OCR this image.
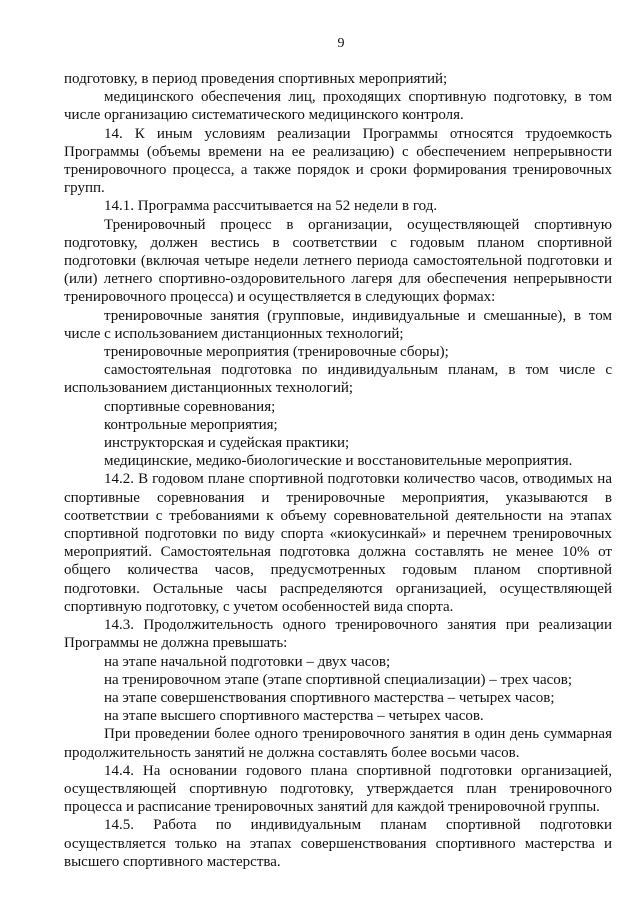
9

подготовку, в период проведения спортивных мероприятий;

медицинского обеспечения лиц, проходящих спортивную подготовку, в том числе организацию систематического медицинского контроля.

14. К иным условиям реализации Программы относятся трудоемкость Программы (объемы времени на ее реализацию) с обеспечением непрерывности тренировочного процесса, а также порядок и сроки формирования тренировочных групп.

14.1. Программа рассчитывается на 52 недели в год.

Тренировочный процесс в организации, осуществляющей спортивную подготовку, должен вестись в соответствии с годовым планом спортивной подготовки (включая четыре недели летнего периода самостоятельной подготовки и (или) летнего спортивно-оздоровительного лагеря для обеспечения непрерывности тренировочного процесса) и осуществляется в следующих формах:

тренировочные занятия (групповые, индивидуальные и смешанные), в том числе с использованием дистанционных технологий;

тренировочные мероприятия (тренировочные сборы);

самостоятельная подготовка по индивидуальным планам, в том числе с использованием дистанционных технологий;

спортивные соревнования;

контрольные мероприятия;

инструкторская и судейская практики;

медицинские, медико-биологические и восстановительные мероприятия.

14.2. В годовом плане спортивной подготовки количество часов, отводимых на спортивные соревнования и тренировочные мероприятия, указываются в соответствии с требованиями к объему соревновательной деятельности на этапах спортивной подготовки по виду спорта «киокусинкай» и перечнем тренировочных мероприятий. Самостоятельная подготовка должна составлять не менее 10% от общего количества часов, предусмотренных годовым планом спортивной подготовки. Остальные часы распределяются организацией, осуществляющей спортивную подготовку, с учетом особенностей вида спорта.

14.3. Продолжительность одного тренировочного занятия при реализации Программы не должна превышать:

на этапе начальной подготовки – двух часов;

на тренировочном этапе (этапе спортивной специализации) – трех часов;

на этапе совершенствования спортивного мастерства – четырех часов;

на этапе высшего спортивного мастерства – четырех часов.

При проведении более одного тренировочного занятия в один день суммарная продолжительность занятий не должна составлять более восьми часов.

14.4. На основании годового плана спортивной подготовки организацией, осуществляющей спортивную подготовку, утверждается план тренировочного процесса и расписание тренировочных занятий для каждой тренировочной группы.

14.5. Работа по индивидуальным планам спортивной подготовки осуществляется только на этапах совершенствования спортивного мастерства и высшего спортивного мастерства.
